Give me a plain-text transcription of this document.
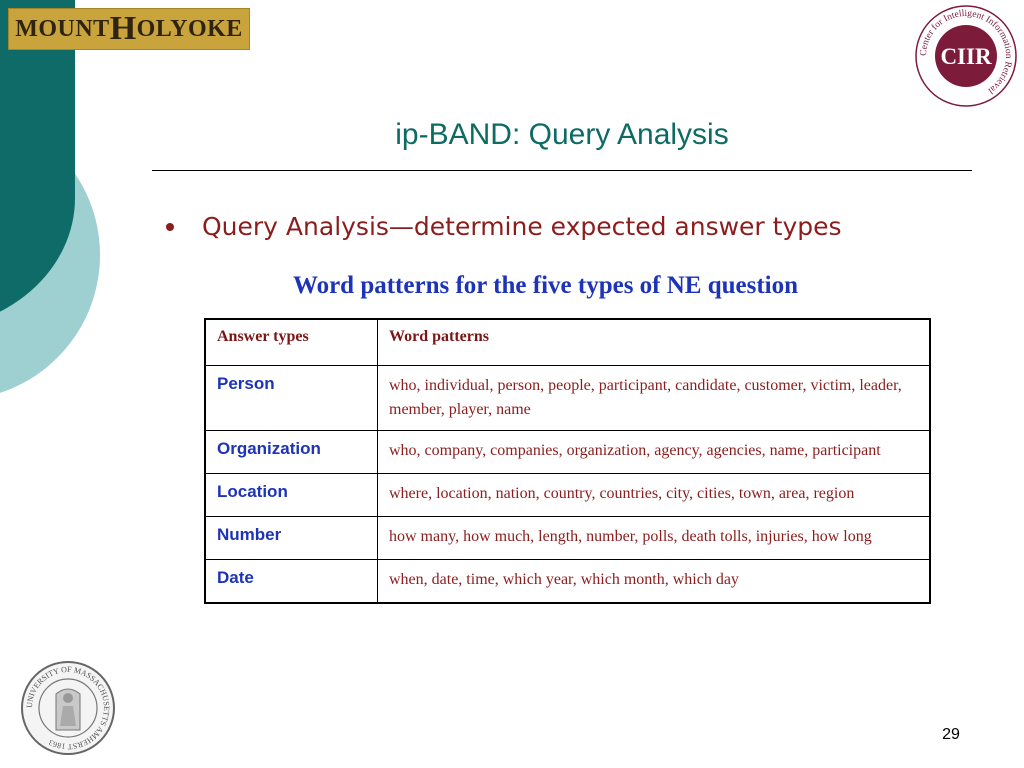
MOUNT H OLYOKE
Center for Intelligent Information Retrieval
CIIR
ip-BAND: Query Analysis
Query Analysis—determine expected answer types
Word patterns for the five types of NE question
Answer types	Word patterns
Person	who, individual, person, people, participant, candidate, customer, victim, leader, member, player, name
Organization	who, company, companies, organization, agency, agencies, name, participant
Location	where, location, nation, country, countries, city, cities, town, area, region
Number	how many, how much, length, number, polls, death tolls, injuries, how long
Date	when, date, time, which year, which month, which day
UNIVERSITY OF MASSACHUSETTS AMHERST 1863	29
